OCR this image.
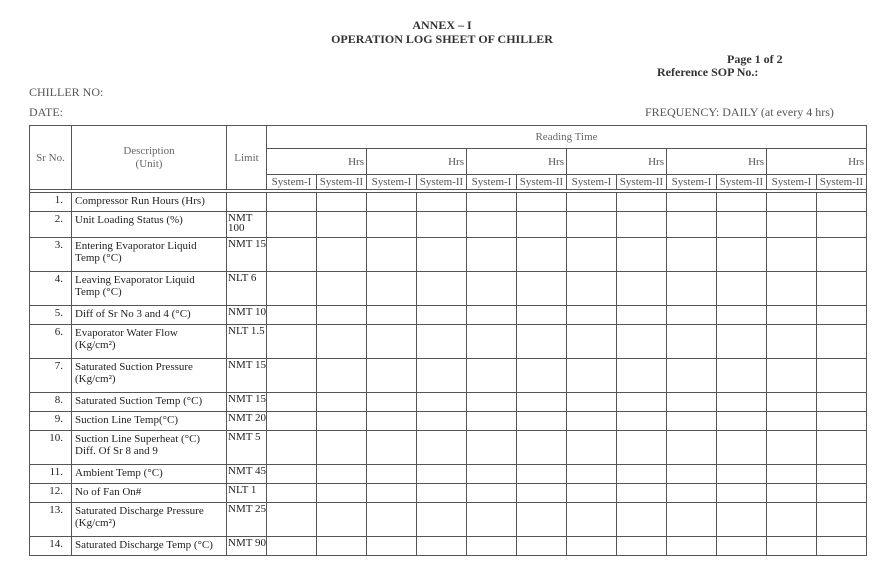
ANNEX – I
OPERATION LOG SHEET OF CHILLER
Page 1 of 2
Reference SOP No.:
CHILLER NO:
DATE:	FREQUENCY: DAILY (at every 4 hrs)
Sr No.	Description
(Unit)	Limit	Reading Time											
			Hrs		Hrs		Hrs		Hrs		Hrs		Hrs	
			System-I	System-II	System-I	System-II	System-I	System-II	System-I	System-II	System-I	System-II	System-I	System-II

1.	Compressor Run Hours (Hrs)													
2.	Unit Loading Status (%)	NMT
100												
3.	Entering Evaporator Liquid
Temp (°C)	NMT 15												
4.	Leaving Evaporator Liquid
Temp (°C)	NLT 6												
5.	Diff of Sr No 3 and 4 (°C)	NMT 10												
6.	Evaporator Water Flow
(Kg/cm²)	NLT 1.5												
7.	Saturated Suction Pressure
(Kg/cm²)	NMT 15												
8.	Saturated Suction Temp (°C)	NMT 15												
9.	Suction Line Temp(°C)	NMT 20												
10.	Suction Line Superheat (°C)
Diff. Of Sr 8 and 9	NMT 5												
11.	Ambient Temp (°C)	NMT 45												
12.	No of Fan On#	NLT 1												
13.	Saturated Discharge Pressure
(Kg/cm²)	NMT 25												
14.	Saturated Discharge Temp (°C)	NMT 90												
